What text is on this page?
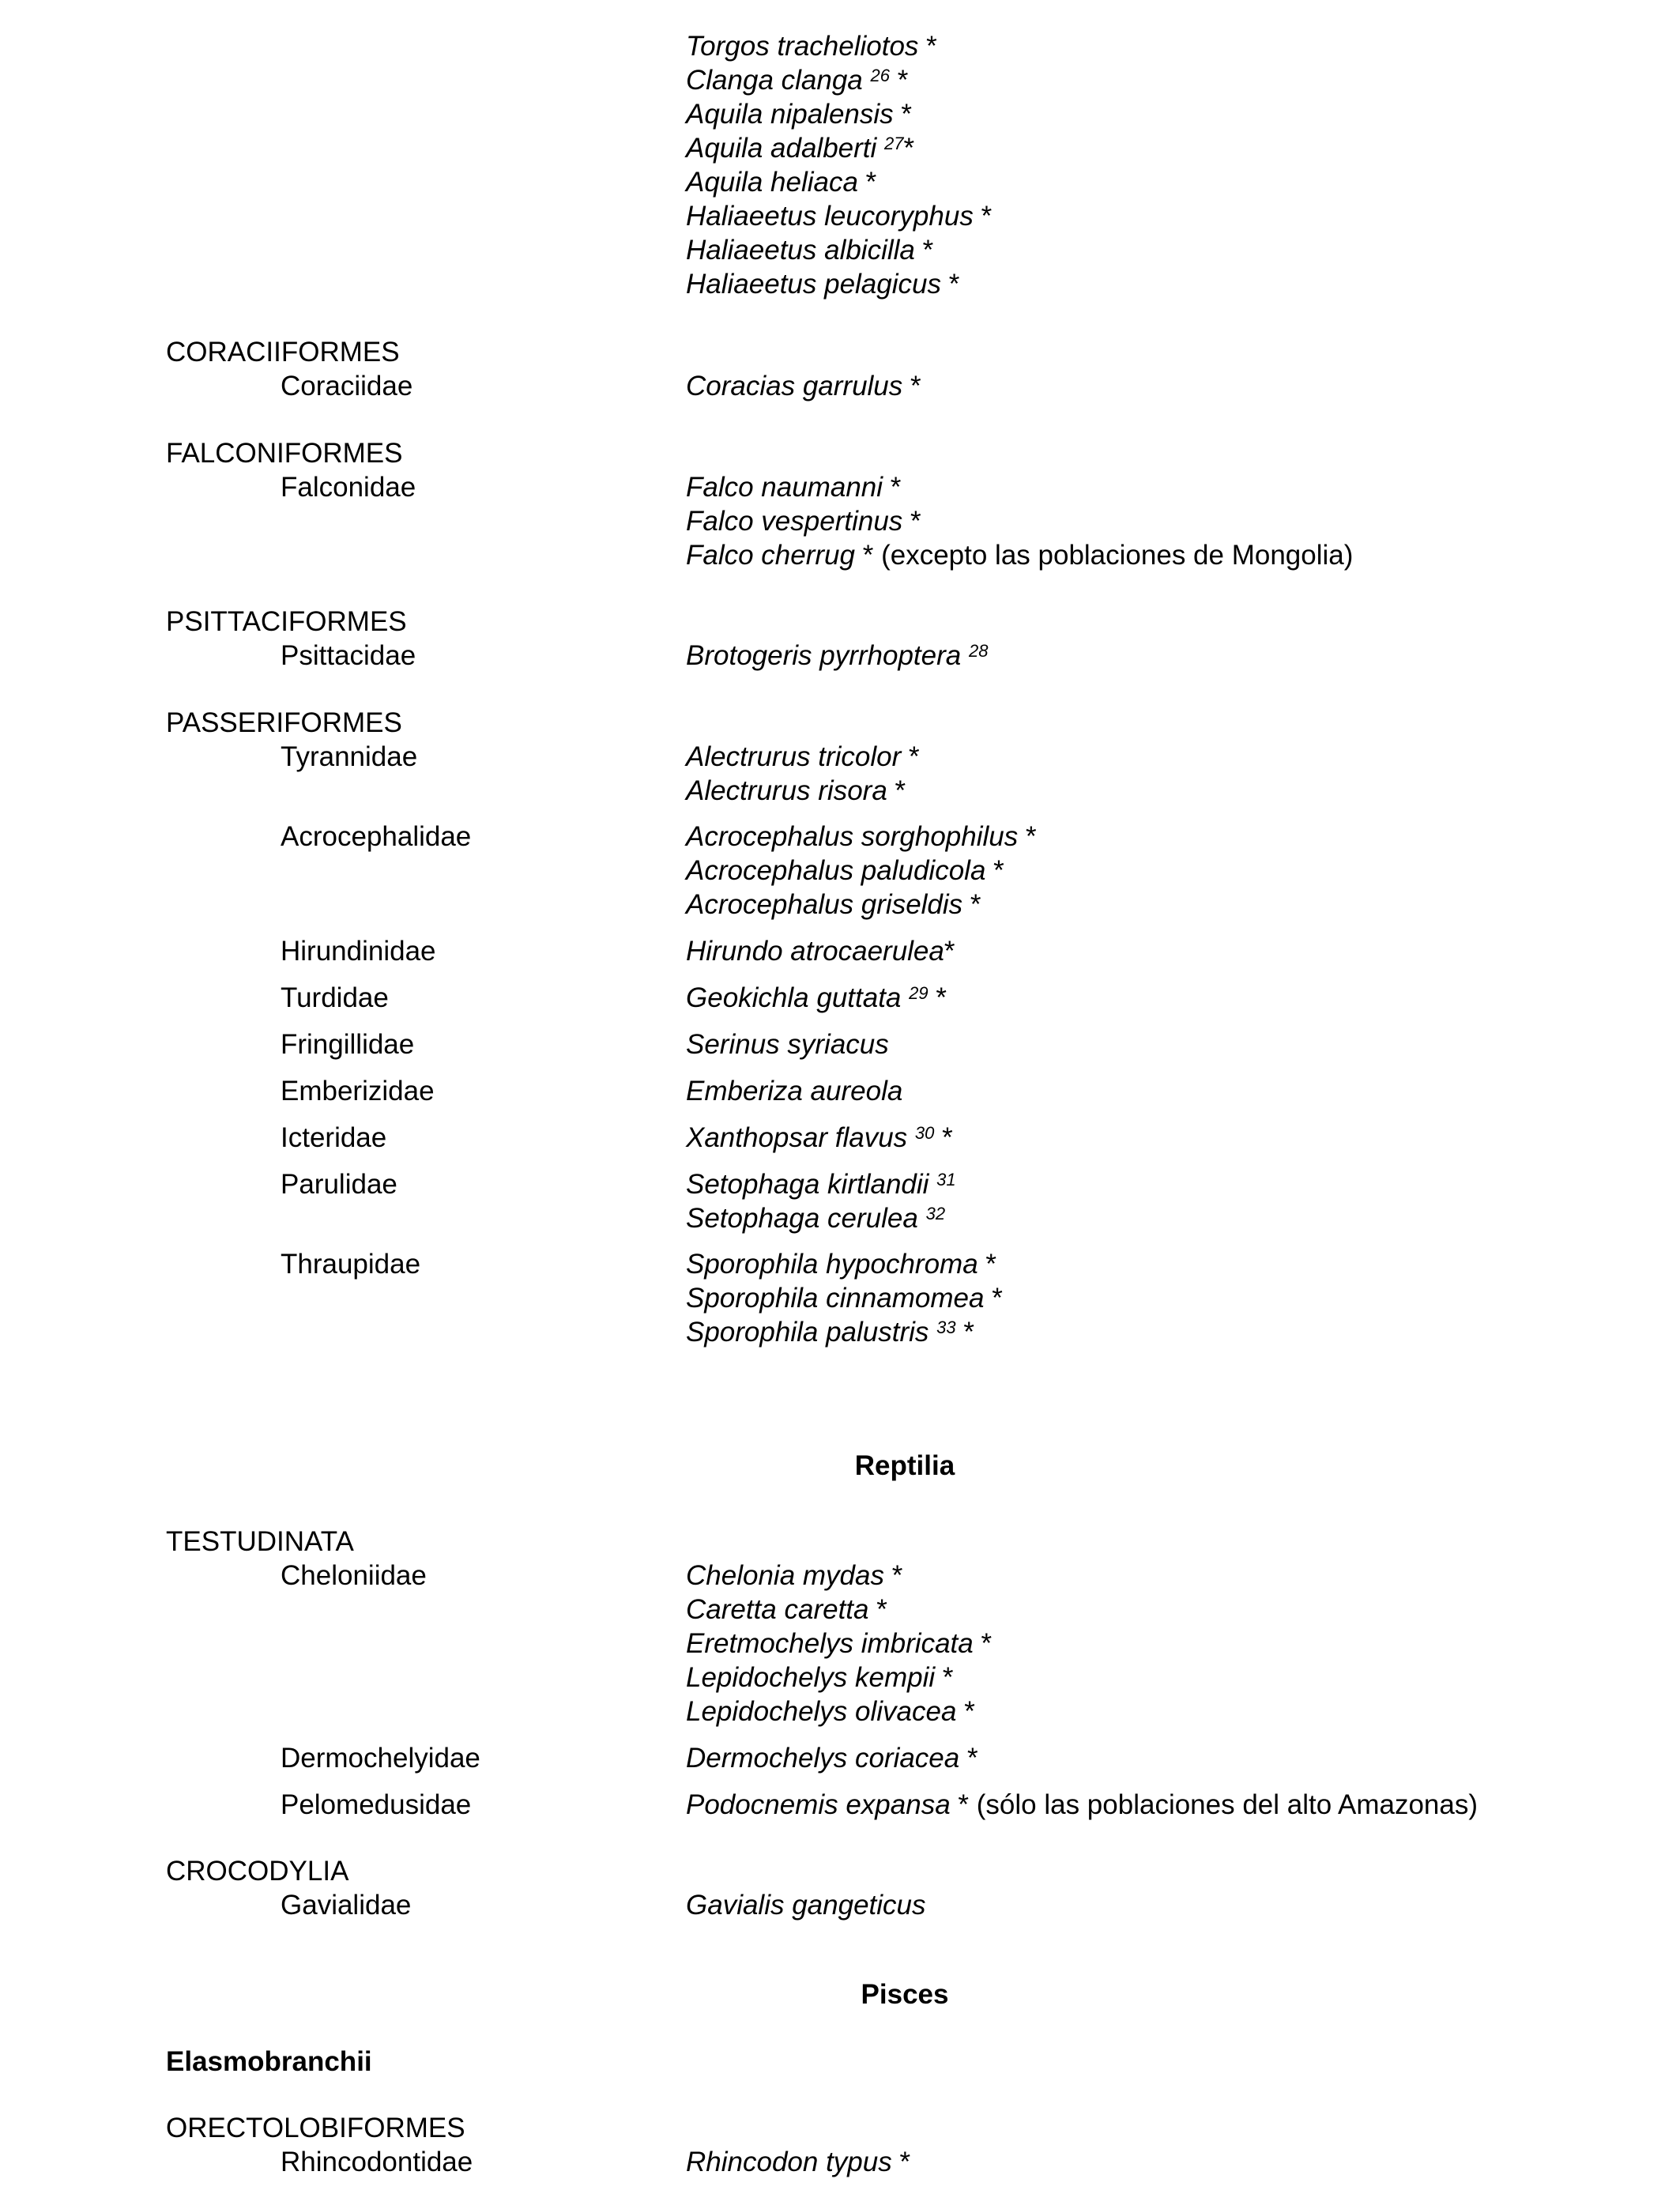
Torgos tracheliotos *
Clanga clanga $^{26}$ *
Aquila nipalensis *
Aquila adalberti $^{27}$*
Aquila heliaca *
Haliaeetus leucoryphus *
Haliaeetus albicilla *
Haliaeetus pelagicus *
CORACIIFORMES
Coraciidae	Coracias garrulus *
FALCONIFORMES
Falconidae	Falco naumanni *
Falco vespertinus *
Falco cherrug * (excepto las poblaciones de Mongolia)
PSITTACIFORMES
Psittacidae	Brotogeris pyrrhoptera $^{28}$
PASSERIFORMES
Tyrannidae	Alectrurus tricolor *
Alectrurus risora *
Acrocephalidae	Acrocephalus sorghophilus *
Acrocephalus paludicola *
Acrocephalus griseldis *
Hirundinidae	Hirundo atrocaerulea*
Turdidae	Geokichla guttata $^{29}$ *
Fringillidae	Serinus syriacus
Emberizidae	Emberiza aureola
Icteridae	Xanthopsar flavus $^{30}$ *
Parulidae	Setophaga kirtlandii $^{31}$
Setophaga cerulea $^{32}$
Thraupidae	Sporophila hypochroma *
Sporophila cinnamomea *
Sporophila palustris $^{33}$ *
Reptilia
TESTUDINATA
Cheloniidae	Chelonia mydas *
Caretta caretta *
Eretmochelys imbricata *
Lepidochelys kempii *
Lepidochelys olivacea *
Dermochelyidae	Dermochelys coriacea *
Pelomedusidae	Podocnemis expansa * (sólo las poblaciones del alto Amazonas)
CROCODYLIA
Gavialidae	Gavialis gangeticus
Pisces
Elasmobranchii
ORECTOLOBIFORMES
Rhincodontidae	Rhincodon typus *
